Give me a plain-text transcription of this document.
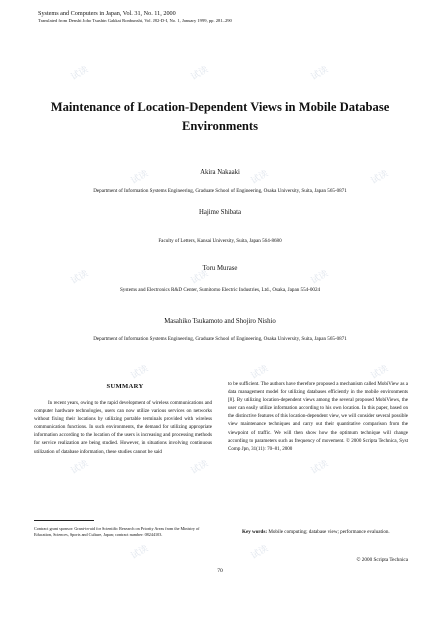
Systems and Computers in Japan, Vol. 31, No. 11, 2000
Translated from Denshi Joho Tsushin Gakkai Ronbunshi, Vol. J82-D-I, No. 1, January 1999, pp. 281–290
Maintenance of Location-Dependent Views in Mobile Database
Environments
Akira Nakaaki
Department of Information Systems Engineering, Graduate School of Engineering, Osaka University, Suita, Japan 565-0871
Hajime Shibata
Faculty of Letters, Kansai University, Suita, Japan 564-8680
Toru Murase
Systems and Electronics R&D Center, Sumitomo Electric Industries, Ltd., Osaka, Japan 554-0024
Masahiko Tsukamoto and Shojiro Nishio
Department of Information Systems Engineering, Graduate School of Engineering, Osaka University, Suita, Japan 565-0871
SUMMARY
In recent years, owing to the rapid development of wireless communications and computer hardware technologies, users can now utilize various services on networks without fixing their locations by utilizing portable terminals provided with wireless communication functions. In such environments, the demand for utilizing appropriate information according to the location of the users is increasing and processing methods for service realization are being studied. However, in situations involving continuous utilization of database information, these studies cannot be said
to be sufficient. The authors have therefore proposed a mechanism called MobiView as a data management model for utilizing databases efficiently in the mobile environments [8]. By utilizing location-dependent views among the several proposed MobiViews, the user can easily utilize information according to his own location. In this paper, based on the distinctive features of this location-dependent view, we will consider several possible view maintenance techniques and carry out their quantitative comparison from the viewpoint of traffic. We will then show how the optimum technique will change according to parameters such as frequency of movement. © 2000 Scripta Technica, Syst Comp Jpn, 31(11): 70–81, 2000
Contract grant sponsor: Grant-in-aid for Scientific Research on Priority Areas from the Ministry of Education, Sciences, Sports and Culture, Japan; contract number: 08244103.	Key words: Mobile computing; database view; performance evaluation.
© 2000 Scripta Technica
70
试读	试读	试读
试读	试读	试读
试读	试读	试读
试读	试读	试读
试读	试读	试读
试读	试读
